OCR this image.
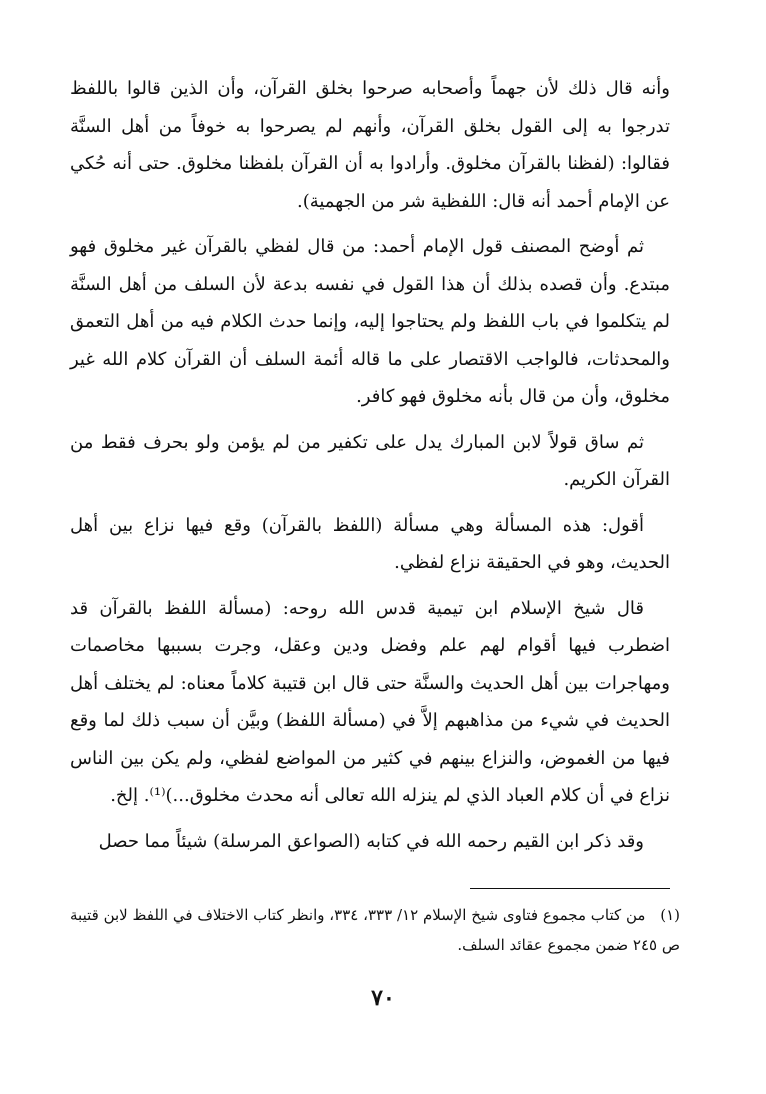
وأنه قال ذلك لأن جهماً وأصحابه صرحوا بخلق القرآن، وأن الذين قالوا باللفظ تدرجوا به إلى القول بخلق القرآن، وأنهم لم يصرحوا به خوفاً من أهل السنَّة فقالوا: (لفظنا بالقرآن مخلوق. وأرادوا به أن القرآن بلفظنا مخلوق. حتى أنه حُكي عن الإمام أحمد أنه قال: اللفظية شر من الجهمية).

ثم أوضح المصنف قول الإمام أحمد: من قال لفظي بالقرآن غير مخلوق فهو مبتدع. وأن قصده بذلك أن هذا القول في نفسه بدعة لأن السلف من أهل السنَّة لم يتكلموا في باب اللفظ ولم يحتاجوا إليه، وإنما حدث الكلام فيه من أهل التعمق والمحدثات، فالواجب الاقتصار على ما قاله أئمة السلف أن القرآن كلام الله غير مخلوق، وأن من قال بأنه مخلوق فهو كافر.

ثم ساق قولاً لابن المبارك يدل على تكفير من لم يؤمن ولو بحرف فقط من القرآن الكريم.

أقول: هذه المسألة وهي مسألة (اللفظ بالقرآن) وقع فيها نزاع بين أهل الحديث، وهو في الحقيقة نزاع لفظي.

قال شيخ الإسلام ابن تيمية قدس الله روحه: (مسألة اللفظ بالقرآن قد اضطرب فيها أقوام لهم علم وفضل ودين وعقل، وجرت بسببها مخاصمات ومهاجرات بين أهل الحديث والسنَّة حتى قال ابن قتيبة كلاماً معناه: لم يختلف أهل الحديث في شيء من مذاهبهم إلاَّ في (مسألة اللفظ) وبيَّن أن سبب ذلك لما وقع فيها من الغموض، والنزاع بينهم في كثير من المواضع لفظي، ولم يكن بين الناس نزاع في أن كلام العباد الذي لم ينزله الله تعالى أنه محدث مخلوق...)⁽¹⁾. إلخ.

وقد ذكر ابن القيم رحمه الله في كتابه (الصواعق المرسلة) شيئاً مما حصل

(١) من كتاب مجموع فتاوى شيخ الإسلام ١٢/ ٣٣٣، ٣٣٤، وانظر كتاب الاختلاف في اللفظ لابن قتيبة ص ٢٤٥ ضمن مجموع عقائد السلف.

٧٠
